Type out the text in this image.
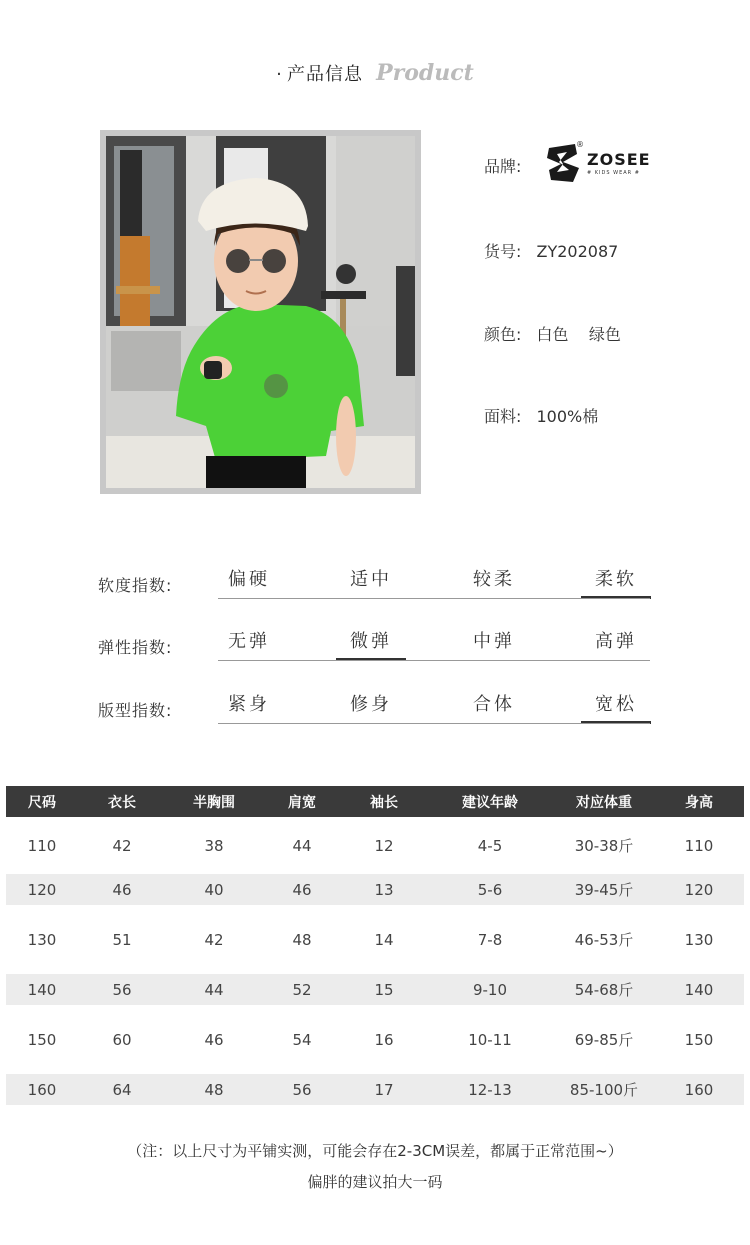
· 产品信息 Product
品牌:
®
ZOSEE
# KIDS WEAR #
货号: ZY202087
颜色: 白色    绿色
面料: 100%棉
软度指数:	偏硬	适中	较柔	柔软
弹性指数:	无弹	微弹	中弹	高弹
版型指数:	紧身	修身	合体	宽松
尺码	衣长	半胸围	肩宽	袖长	建议年龄	对应体重	身高
110	42	38	44	12	4-5	30-38斤	110
120	46	40	46	13	5-6	39-45斤	120
130	51	42	48	14	7-8	46-53斤	130
140	56	44	52	15	9-10	54-68斤	140
150	60	46	54	16	10-11	69-85斤	150
160	64	48	56	17	12-13	85-100斤	160
（注：以上尺寸为平铺实测，可能会存在2-3CM误差，都属于正常范围~）
偏胖的建议拍大一码
